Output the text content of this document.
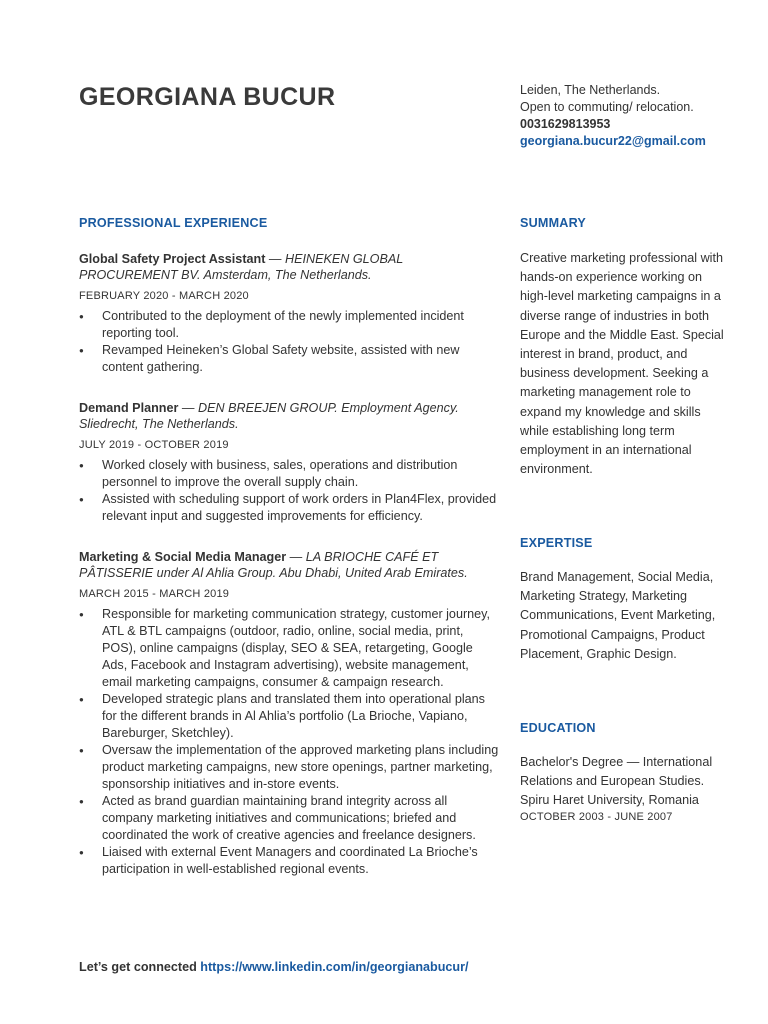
GEORGIANA BUCUR	Leiden, The Netherlands.
Open to commuting/ relocation.
0031629813953
georgiana.bucur22@gmail.com
PROFESSIONAL EXPERIENCE
Global Safety Project Assistant — HEINEKEN GLOBAL PROCUREMENT BV. Amsterdam, The Netherlands.
FEBRUARY 2020 - MARCH 2020
● Contributed to the deployment of the newly implemented incident reporting tool.
● Revamped Heineken’s Global Safety website, assisted with new content gathering.
Demand Planner — DEN BREEJEN GROUP. Employment Agency. Sliedrecht, The Netherlands.
JULY 2019 - OCTOBER 2019
● Worked closely with business, sales, operations and distribution personnel to improve the overall supply chain.
● Assisted with scheduling support of work orders in Plan4Flex, provided relevant input and suggested improvements for efficiency.
Marketing & Social Media Manager — LA BRIOCHE CAFÉ ET PÂTISSERIE under Al Ahlia Group. Abu Dhabi, United Arab Emirates.
MARCH 2015 - MARCH 2019
● Responsible for marketing communication strategy, customer journey, ATL & BTL campaigns (outdoor, radio, online, social media, print, POS), online campaigns (display, SEO & SEA, retargeting, Google Ads, Facebook and Instagram advertising), website management, email marketing campaigns, consumer & campaign research.
● Developed strategic plans and translated them into operational plans for the different brands in Al Ahlia’s portfolio (La Brioche, Vapiano, Bareburger, Sketchley).
● Oversaw the implementation of the approved marketing plans including product marketing campaigns, new store openings, partner marketing, sponsorship initiatives and in-store events.
● Acted as brand guardian maintaining brand integrity across all company marketing initiatives and communications; briefed and coordinated the work of creative agencies and freelance designers.
● Liaised with external Event Managers and coordinated La Brioche’s participation in well-established regional events.
SUMMARY
Creative marketing professional with hands-on experience working on high-level marketing campaigns in a diverse range of industries in both Europe and the Middle East. Special interest in brand, product, and business development. Seeking a marketing management role to expand my knowledge and skills while establishing long term employment in an international environment.
EXPERTISE
Brand Management, Social Media, Marketing Strategy, Marketing Communications, Event Marketing, Promotional Campaigns, Product Placement, Graphic Design.
EDUCATION
Bachelor's Degree — International Relations and European Studies.
Spiru Haret University, Romania
OCTOBER 2003 - JUNE 2007
Let’s get connected https://www.linkedin.com/in/georgianabucur/
